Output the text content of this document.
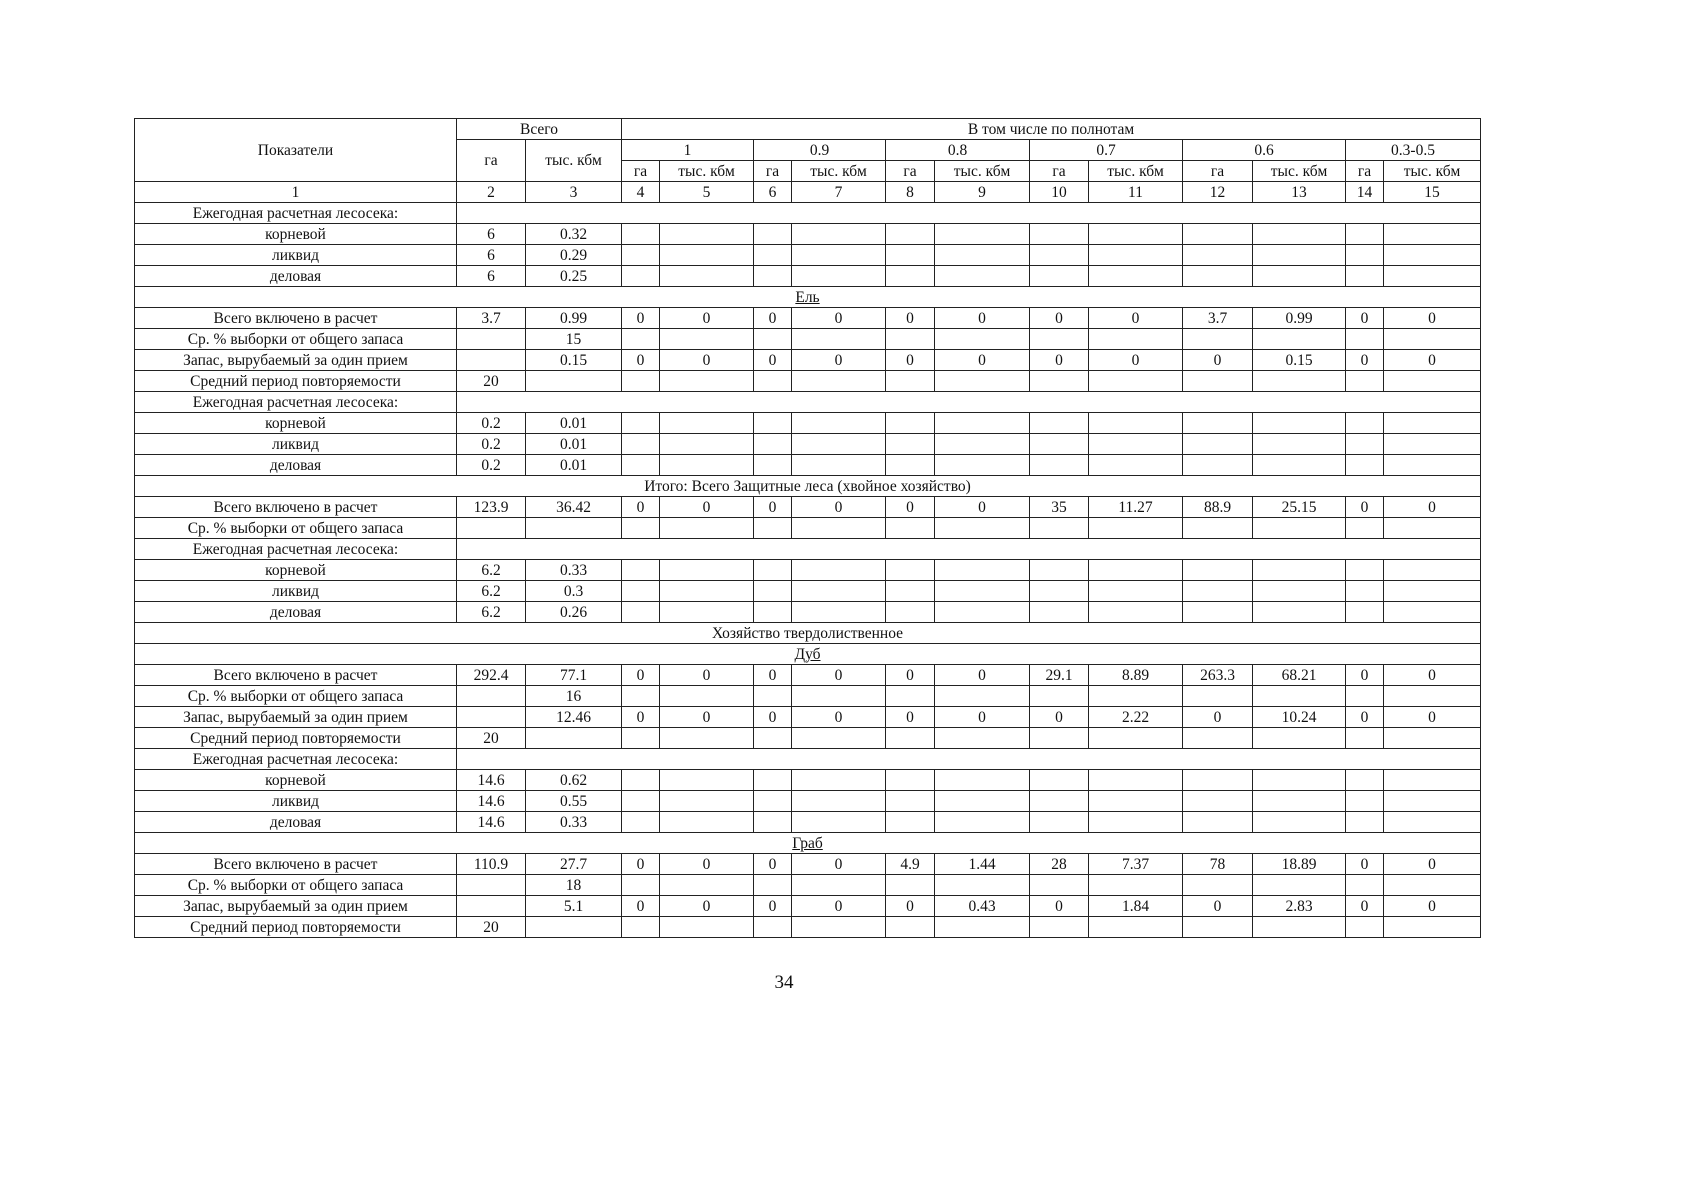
Показатели	Всего		В том числе по полнотам											
	га	тыс. кбм	1		0.9		0.8		0.7		0.6		0.3-0.5	
			га	тыс. кбм	га	тыс. кбм	га	тыс. кбм	га	тыс. кбм	га	тыс. кбм	га	тыс. кбм
1	2	3	4	5	6	7	8	9	10	11	12	13	14	15
Ежегодная расчетная лесосека:														
корневой	6	0.32												
ликвид	6	0.29												
деловая	6	0.25												
Ель														
Всего включено в расчет	3.7	0.99	0	0	0	0	0	0	0	0	3.7	0.99	0	0
Ср. % выборки от общего запаса		15												
Запас, вырубаемый за один прием		0.15	0	0	0	0	0	0	0	0	0	0.15	0	0
Средний период повторяемости	20													
Ежегодная расчетная лесосека:														
корневой	0.2	0.01												
ликвид	0.2	0.01												
деловая	0.2	0.01												
Итого: Всего Защитные леса (хвойное хозяйство)														
Всего включено в расчет	123.9	36.42	0	0	0	0	0	0	35	11.27	88.9	25.15	0	0
Ср. % выборки от общего запаса														
Ежегодная расчетная лесосека:														
корневой	6.2	0.33												
ликвид	6.2	0.3												
деловая	6.2	0.26												
Хозяйство твердолиственное														
Дуб														
Всего включено в расчет	292.4	77.1	0	0	0	0	0	0	29.1	8.89	263.3	68.21	0	0
Ср. % выборки от общего запаса		16												
Запас, вырубаемый за один прием		12.46	0	0	0	0	0	0	0	2.22	0	10.24	0	0
Средний период повторяемости	20													
Ежегодная расчетная лесосека:														
корневой	14.6	0.62												
ликвид	14.6	0.55												
деловая	14.6	0.33												
Граб														
Всего включено в расчет	110.9	27.7	0	0	0	0	4.9	1.44	28	7.37	78	18.89	0	0
Ср. % выборки от общего запаса		18												
Запас, вырубаемый за один прием		5.1	0	0	0	0	0	0.43	0	1.84	0	2.83	0	0
Средний период повторяемости	20													
34
